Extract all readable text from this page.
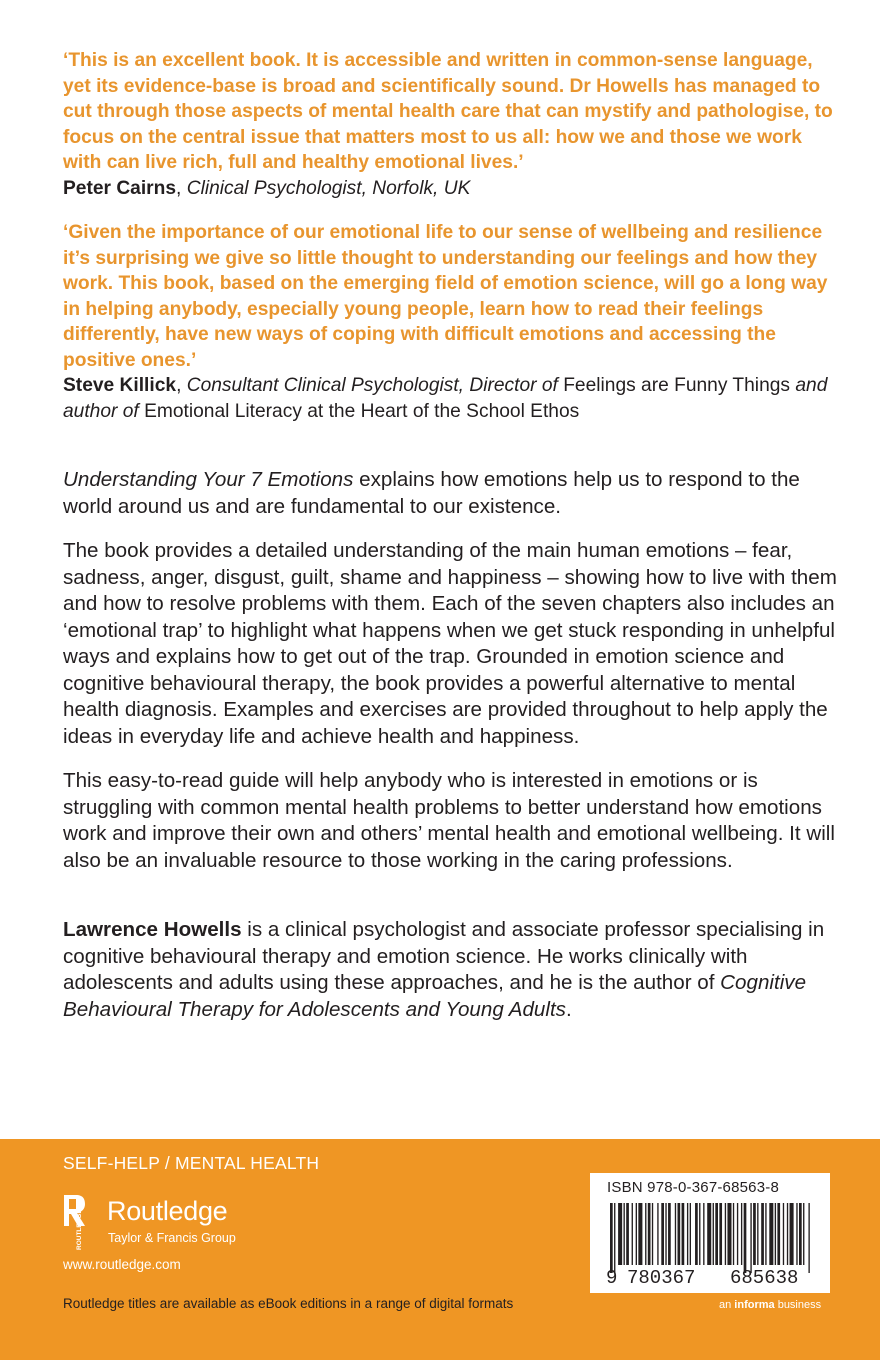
‘This is an excellent book. It is accessible and written in common-sense language, yet its evidence-base is broad and scientifically sound. Dr Howells has managed to cut through those aspects of mental health care that can mystify and pathologise, to focus on the central issue that matters most to us all: how we and those we work with can live rich, full and healthy emotional lives.’
Peter Cairns, Clinical Psychologist, Norfolk, UK
‘Given the importance of our emotional life to our sense of wellbeing and resilience it’s surprising we give so little thought to understanding our feelings and how they work. This book, based on the emerging field of emotion science, will go a long way in helping anybody, especially young people, learn how to read their feelings differently, have new ways of coping with difficult emotions and accessing the positive ones.’
Steve Killick, Consultant Clinical Psychologist, Director of Feelings are Funny Things and author of Emotional Literacy at the Heart of the School Ethos

Understanding Your 7 Emotions explains how emotions help us to respond to the world around us and are fundamental to our existence.

The book provides a detailed understanding of the main human emotions – fear, sadness, anger, disgust, guilt, shame and happiness – showing how to live with them and how to resolve problems with them. Each of the seven chapters also includes an ‘emotional trap’ to highlight what happens when we get stuck responding in unhelpful ways and explains how to get out of the trap. Grounded in emotion science and cognitive behavioural therapy, the book provides a powerful alternative to mental health diagnosis. Examples and exercises are provided throughout to help apply the ideas in everyday life and achieve health and happiness.

This easy-to-read guide will help anybody who is interested in emotions or is struggling with common mental health problems to better understand how emotions work and improve their own and others’ mental health and emotional wellbeing. It will also be an invaluable resource to those working in the caring professions.

Lawrence Howells is a clinical psychologist and associate professor specialising in cognitive behavioural therapy and emotion science. He works clinically with adolescents and adults using these approaches, and he is the author of Cognitive Behavioural Therapy for Adolescents and Young Adults.

SELF-HELP / MENTAL HEALTH
ROUTLEDGE Routledge
Taylor & Francis Group
www.routledge.com
Routledge titles are available as eBook editions in a range of digital formats
ISBN 978-0-367-68563-8
9 780367 685638
an informa business
